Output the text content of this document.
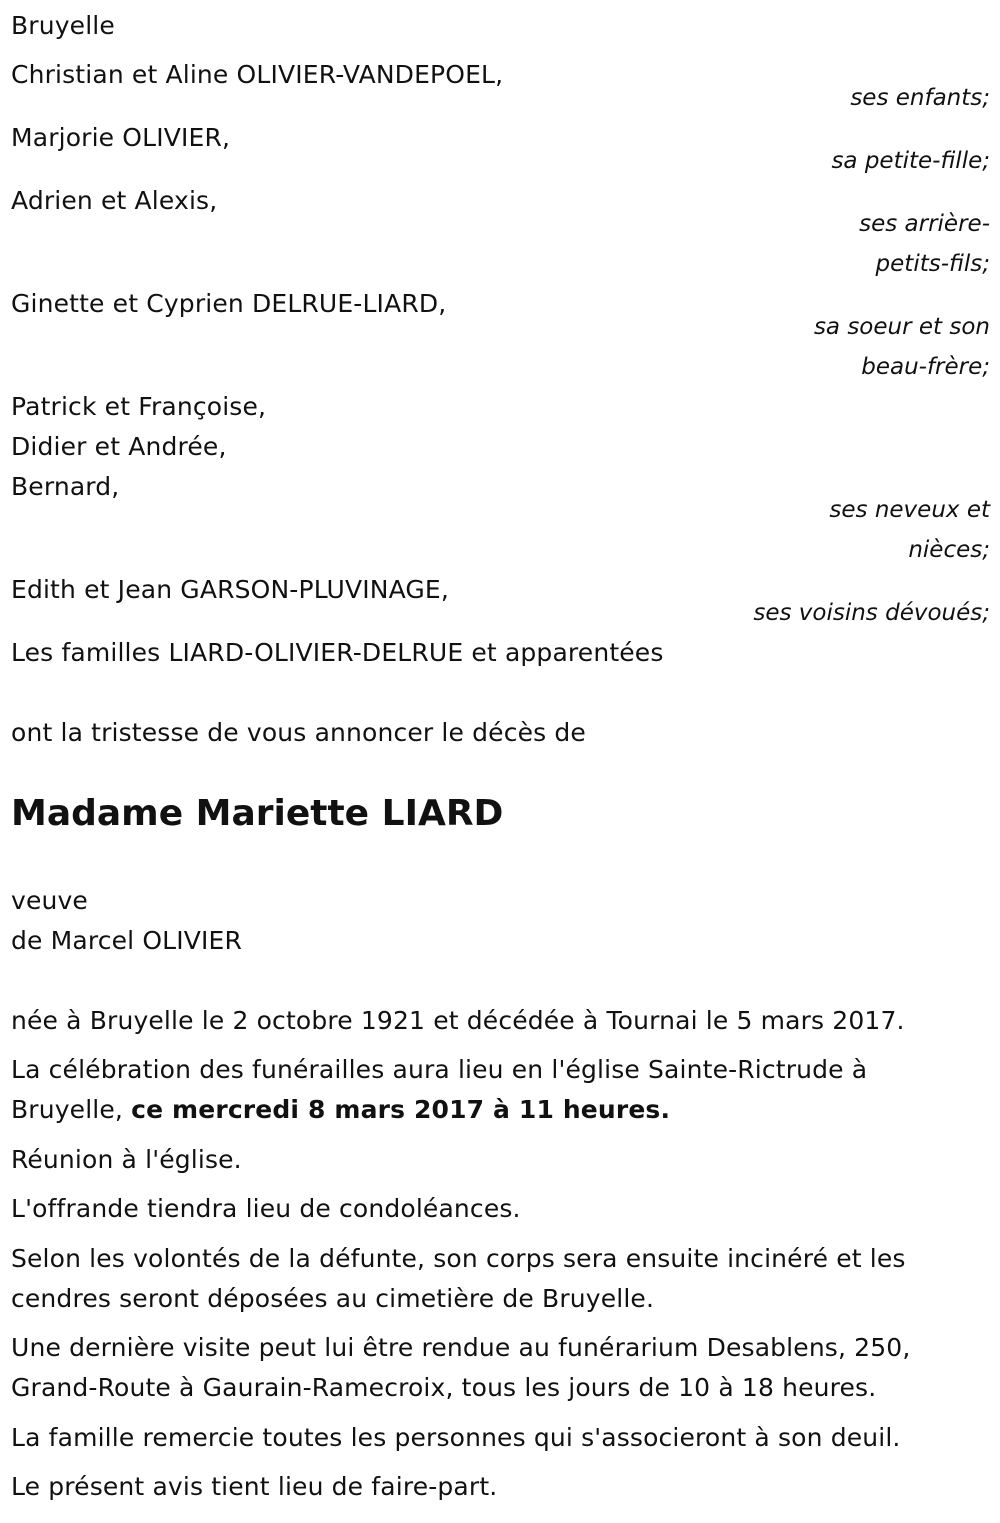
Bruyelle
Christian et Aline OLIVIER-VANDEPOEL,
ses enfants;
Marjorie OLIVIER,
sa petite-fille;
Adrien et Alexis,
ses arrière-
petits-fils;
Ginette et Cyprien DELRUE-LIARD,
sa soeur et son
beau-frère;
Patrick et Françoise,
Didier et Andrée,
Bernard,
ses neveux et
nièces;
Edith et Jean GARSON-PLUVINAGE,
ses voisins dévoués;
Les familles LIARD-OLIVIER-DELRUE et apparentées
ont la tristesse de vous annoncer le décès de
Madame Mariette LIARD
veuve
de Marcel OLIVIER
née à Bruyelle le 2 octobre 1921 et décédée à Tournai le 5 mars 2017.
La célébration des funérailles aura lieu en l'église Sainte-Rictrude à
Bruyelle, ce mercredi 8 mars 2017 à 11 heures.
Réunion à l'église.
L'offrande tiendra lieu de condoléances.
Selon les volontés de la défunte, son corps sera ensuite incinéré et les
cendres seront déposées au cimetière de Bruyelle.
Une dernière visite peut lui être rendue au funérarium Desablens, 250,
Grand-Route à Gaurain-Ramecroix, tous les jours de 10 à 18 heures.
La famille remercie toutes les personnes qui s'associeront à son deuil.
Le présent avis tient lieu de faire-part.
